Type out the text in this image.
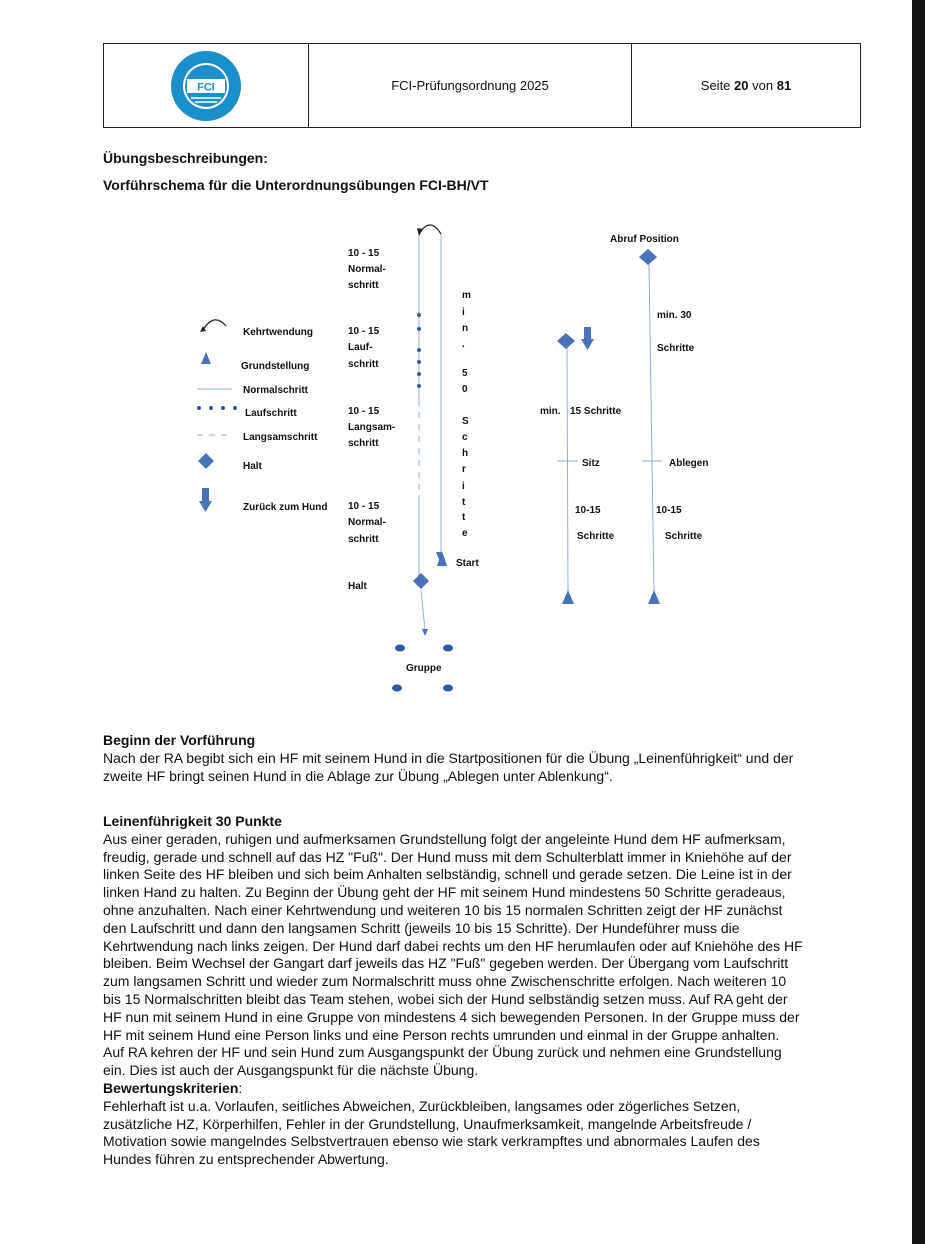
FCI	FCI-Prüfungsordnung 2025	Seite 20 von 81
Übungsbeschreibungen:
Vorführschema für die Unterordnungsübungen FCI-BH/VT
Kehrtwendung
Grundstellung
Normalschritt
Laufschritt
Langsamschritt
Halt
Zurück zum Hund
Start
Halt
10 - 15
Normal-
schritt
10 - 15
Lauf-
schritt
10 - 15
Langsam-
schritt
10 - 15
Normal-
schritt
m
i
n
.
5
0
S
c
h
r
i
t
t
e
Gruppe
min. 15 Schritte
Sitz
10-15
Schritte
Abruf Position
min. 30
Schritte
Ablegen
10-15
Schritte

Beginn der Vorführung

Nach der RA begibt sich ein HF mit seinem Hund in die Startpositionen für die Übung „Leinenführigkeit“ und der zweite HF bringt seinen Hund in die Ablage zur Übung „Ablegen unter Ablenkung“.

Leinenführigkeit 30 Punkte

Aus einer geraden, ruhigen und aufmerksamen Grundstellung folgt der angeleinte Hund dem HF aufmerksam, freudig, gerade und schnell auf das HZ "Fuß". Der Hund muss mit dem Schulterblatt immer in Kniehöhe auf der linken Seite des HF bleiben und sich beim Anhalten selbständig, schnell und gerade setzen. Die Leine ist in der linken Hand zu halten. Zu Beginn der Übung geht der HF mit seinem Hund mindestens 50 Schritte geradeaus, ohne anzuhalten. Nach einer Kehrtwendung und weiteren 10 bis 15 normalen Schritten zeigt der HF zunächst den Laufschritt und dann den langsamen Schritt (jeweils 10 bis 15 Schritte). Der Hundeführer muss die Kehrtwendung nach links zeigen. Der Hund darf dabei rechts um den HF herumlaufen oder auf Kniehöhe des HF bleiben. Beim Wechsel der Gangart darf jeweils das HZ "Fuß" gegeben werden. Der Übergang vom Laufschritt zum langsamen Schritt und wieder zum Normalschritt muss ohne Zwischenschritte erfolgen. Nach weiteren 10 bis 15 Normalschritten bleibt das Team stehen, wobei sich der Hund selbständig setzen muss. Auf RA geht der HF nun mit seinem Hund in eine Gruppe von mindestens 4 sich bewegenden Personen. In der Gruppe muss der HF mit seinem Hund eine Person links und eine Person rechts umrunden und einmal in der Gruppe anhalten. Auf RA kehren der HF und sein Hund zum Ausgangspunkt der Übung zurück und nehmen eine Grundstellung ein. Dies ist auch der Ausgangspunkt für die nächste Übung.

Bewertungskriterien:

Fehlerhaft ist u.a. Vorlaufen, seitliches Abweichen, Zurückbleiben, langsames oder zögerliches Setzen, zusätzliche HZ, Körperhilfen, Fehler in der Grundstellung, Unaufmerksamkeit, mangelnde Arbeitsfreude / Motivation sowie mangelndes Selbstvertrauen ebenso wie stark verkrampftes und abnormales Laufen des Hundes führen zu entsprechender Abwertung.
